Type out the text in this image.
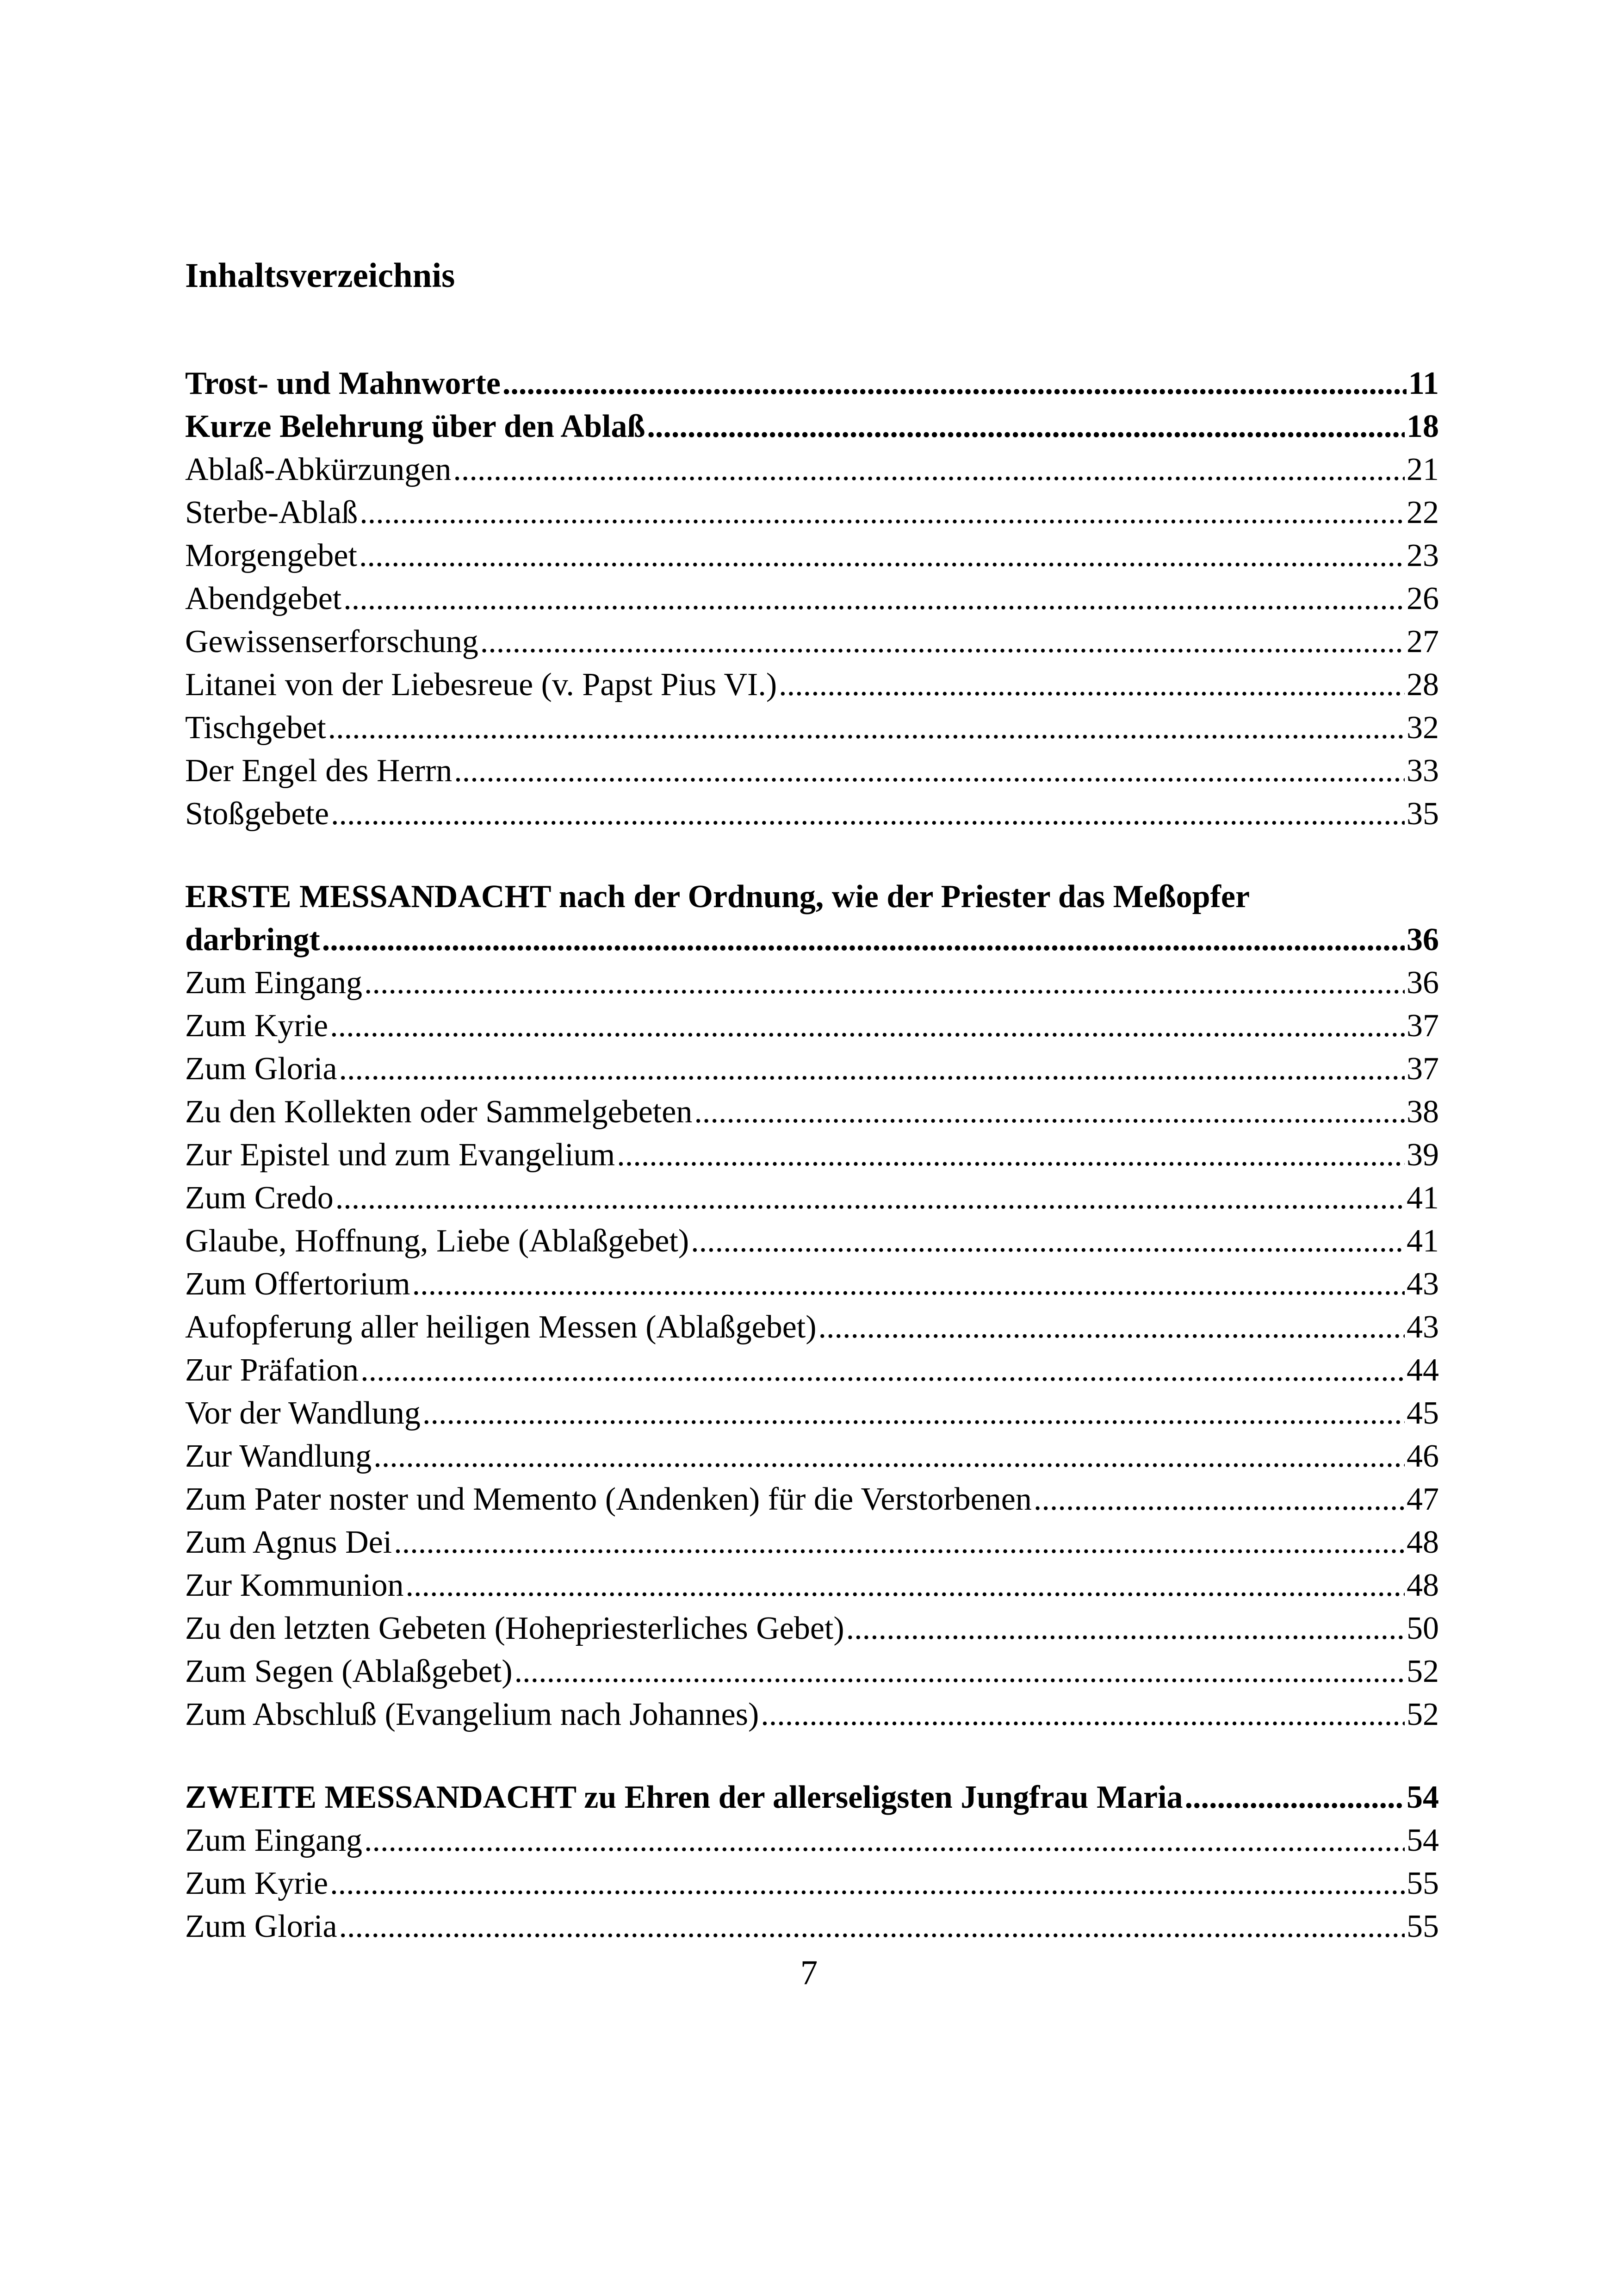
Inhaltsverzeichnis
Trost- und Mahnworte .....	11
Kurze Belehrung über den Ablaß .....	18
Ablaß-Abkürzungen .....	21
Sterbe-Ablaß .....	22
Morgengebet .....	23
Abendgebet .....	26
Gewissenserforschung .....	27
Litanei von der Liebesreue (v. Papst Pius VI.) .....	28
Tischgebet .....	32
Der Engel des Herrn .....	33
Stoßgebete .....	35
ERSTE MESSANDACHT nach der Ordnung, wie der Priester das Meßopfer
darbringt .....	36
Zum Eingang .....	36
Zum Kyrie .....	37
Zum Gloria .....	37
Zu den Kollekten oder Sammelgebeten .....	38
Zur Epistel und zum Evangelium .....	39
Zum Credo .....	41
Glaube, Hoffnung, Liebe (Ablaßgebet) .....	41
Zum Offertorium .....	43
Aufopferung aller heiligen Messen (Ablaßgebet) .....	43
Zur Präfation .....	44
Vor der Wandlung .....	45
Zur Wandlung .....	46
Zum Pater noster und Memento (Andenken) für die Verstorbenen .....	47
Zum Agnus Dei .....	48
Zur Kommunion .....	48
Zu den letzten Gebeten (Hohepriesterliches Gebet) .....	50
Zum Segen (Ablaßgebet) .....	52
Zum Abschluß (Evangelium nach Johannes) .....	52
ZWEITE MESSANDACHT zu Ehren der allerseligsten Jungfrau Maria .....	54
Zum Eingang .....	54
Zum Kyrie .....	55
Zum Gloria .....	55
7
